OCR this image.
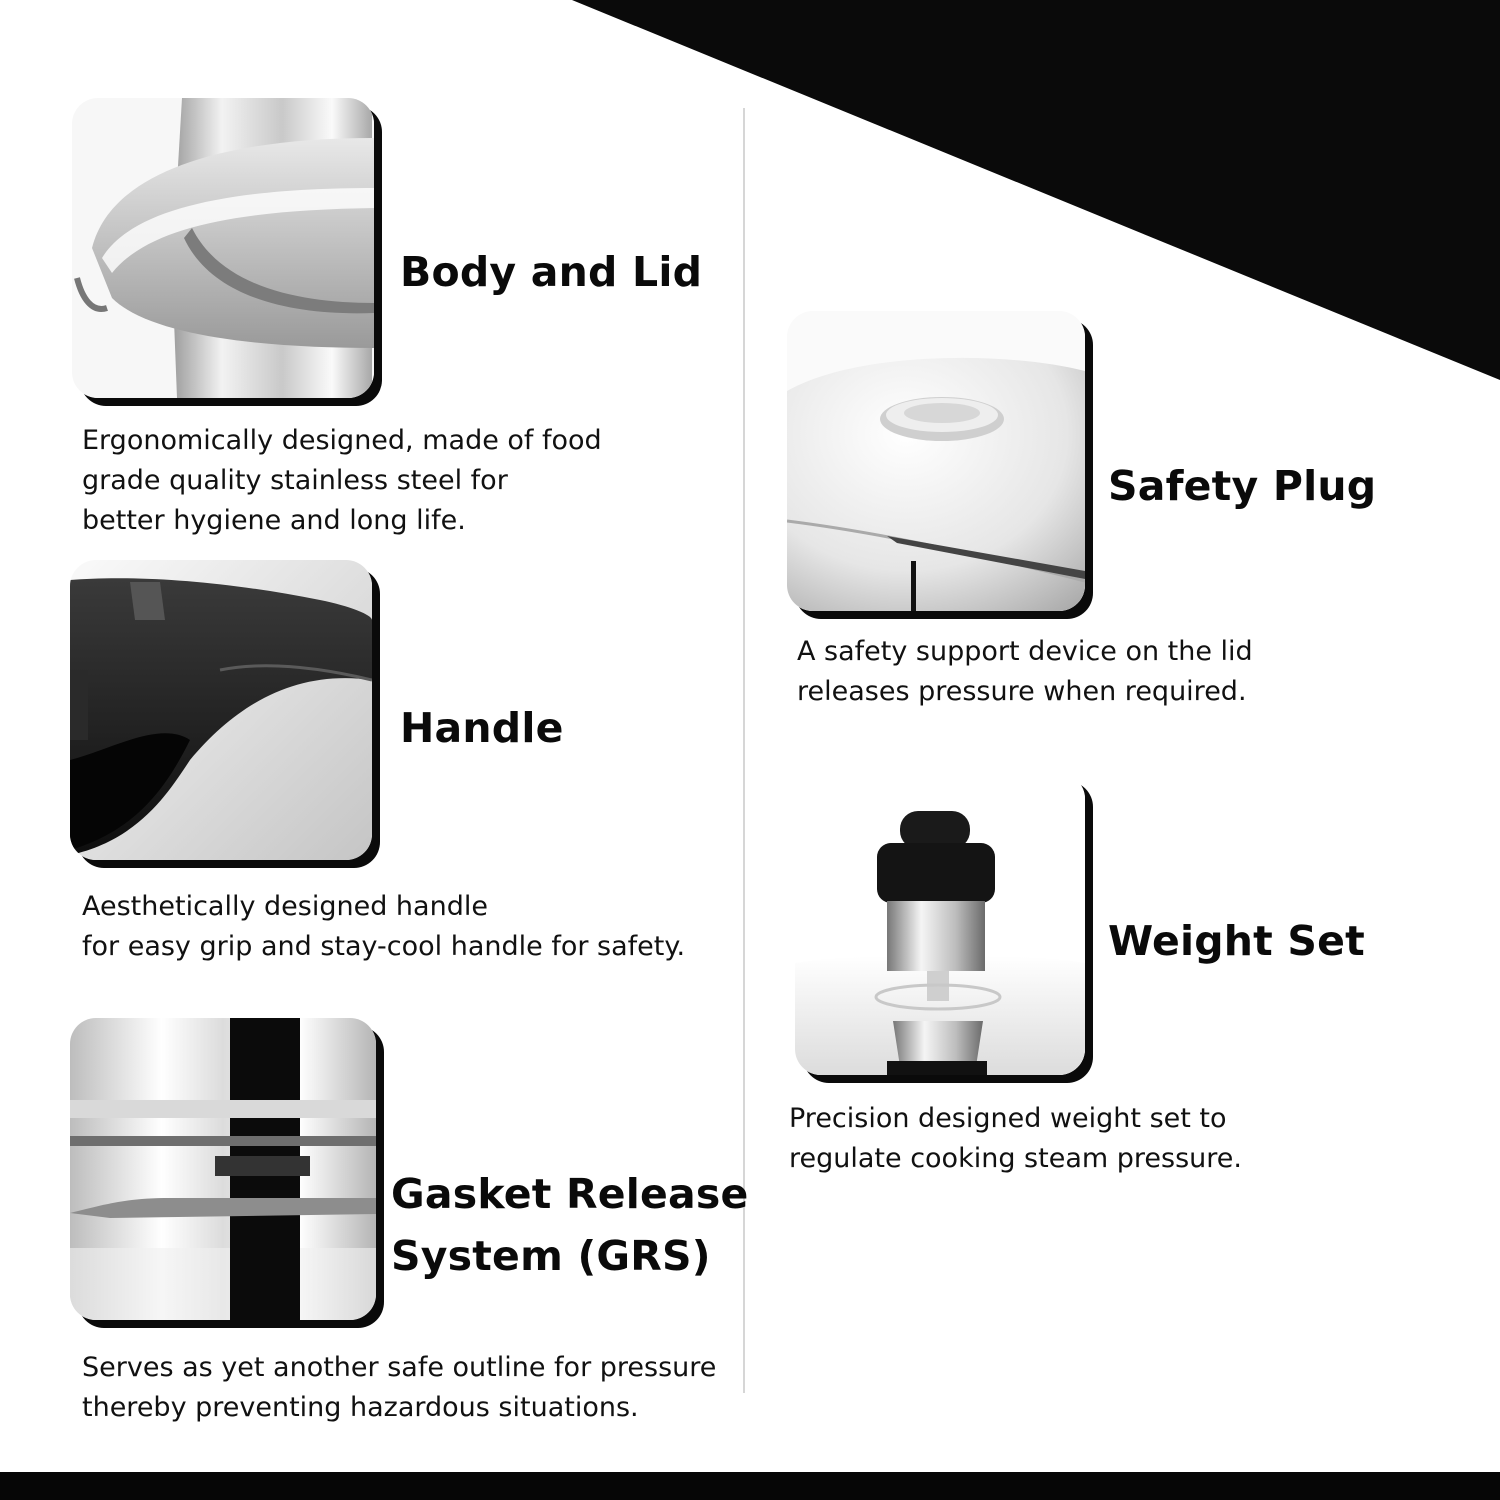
Body and Lid
Ergonomically designed, made of food
grade quality stainless steel for
better hygiene and long life.
Handle
Aesthetically designed handle
for easy grip and stay-cool handle for safety.
Gasket Release
System (GRS)
Serves as yet another safe outline for pressure
thereby preventing hazardous situations.
Safety Plug
A safety support device on the lid
releases pressure when required.
Weight Set
Precision designed weight set to
regulate cooking steam pressure.
